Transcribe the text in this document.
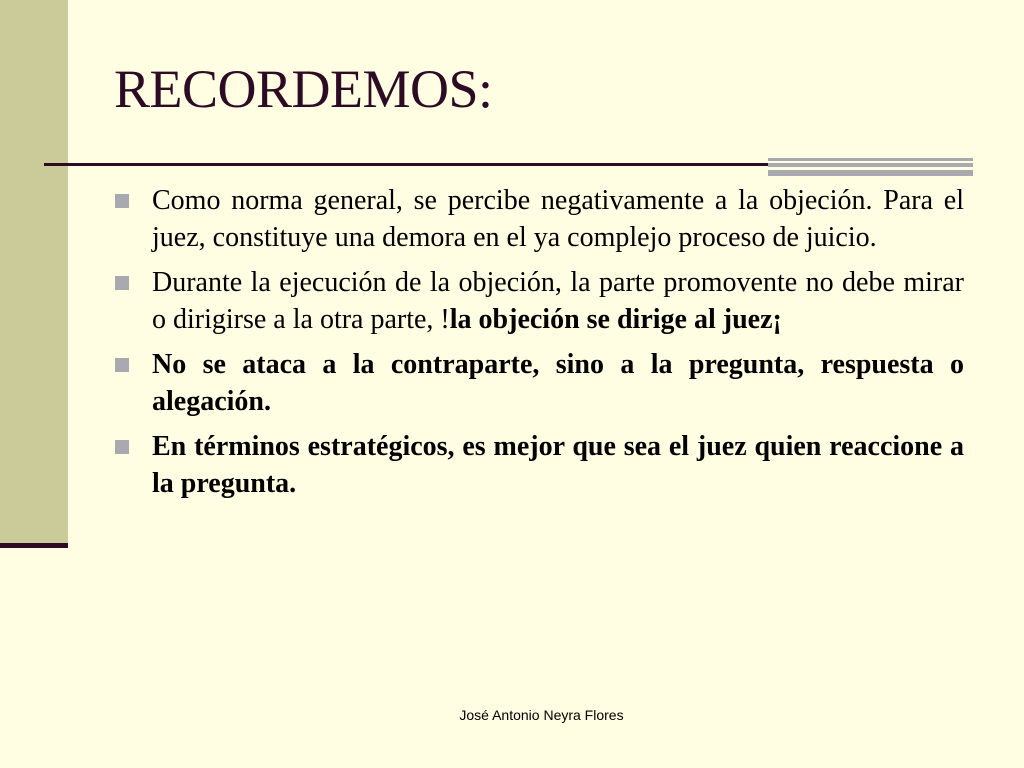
RECORDEMOS:
Como norma general, se percibe negativamente a la objeción. Para el juez, constituye una demora en el ya complejo proceso de juicio.
Durante la ejecución de la objeción, la parte promovente no debe mirar o dirigirse a la otra parte, !la objeción se dirige al juez¡
No se ataca a la contraparte, sino a la pregunta, respuesta o alegación.
En términos estratégicos, es mejor que sea el juez quien reaccione a la pregunta.
José Antonio Neyra Flores
